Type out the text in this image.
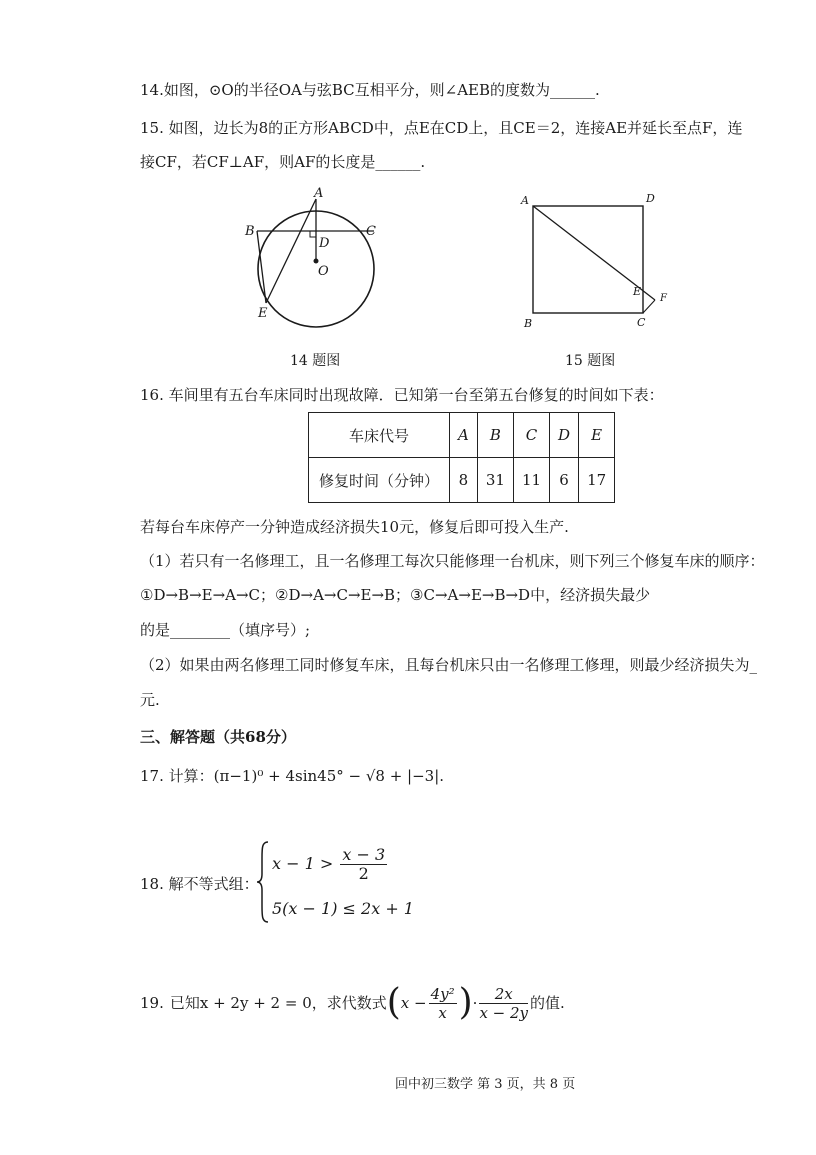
14.如图，⊙O的半径OA与弦BC互相平分，则∠AEB的度数为______.
15. 如图，边长为8的正方形ABCD中，点E在CD上，且CE＝2，连接AE并延长至点F，连
接CF，若CF⊥AF，则AF的长度是______.
A
B	C
D
O
E
14 题图
A	D
E
F
B	C
15 题图
16. 车间里有五台车床同时出现故障．已知第一台至第五台修复的时间如下表：
车床代号	A	B	C	D	E
修复时间（分钟）	8	31	11	6	17
若每台车床停产一分钟造成经济损失10元，修复后即可投入生产.
（1）若只有一名修理工，且一名修理工每次只能修理一台机床，则下列三个修复车床的顺序：
①D→B→E→A→C；②D→A→C→E→B；③C→A→E→B→D中，经济损失最少
的是________（填序号）;
（2）如果由两名修理工同时修复车床，且每台机床只由一名修理工修理，则最少经济损失为_
元.
三、解答题（共68分）
17. 计算：(π−1)⁰ + 4sin45° − √8 + |−3|.
18. 解不等式组：
$x - 1 > \frac{x - 3}{2}$
5(x − 1) ≤ 2x + 1
19. 已知x + 2y + 2 = 0，求代数式 ( $x - \frac{\text{4y²}}{x}$ ) · $\frac{2x}{x - 2y}$ 的值.
回中初三数学 第 3 页，共 8 页
